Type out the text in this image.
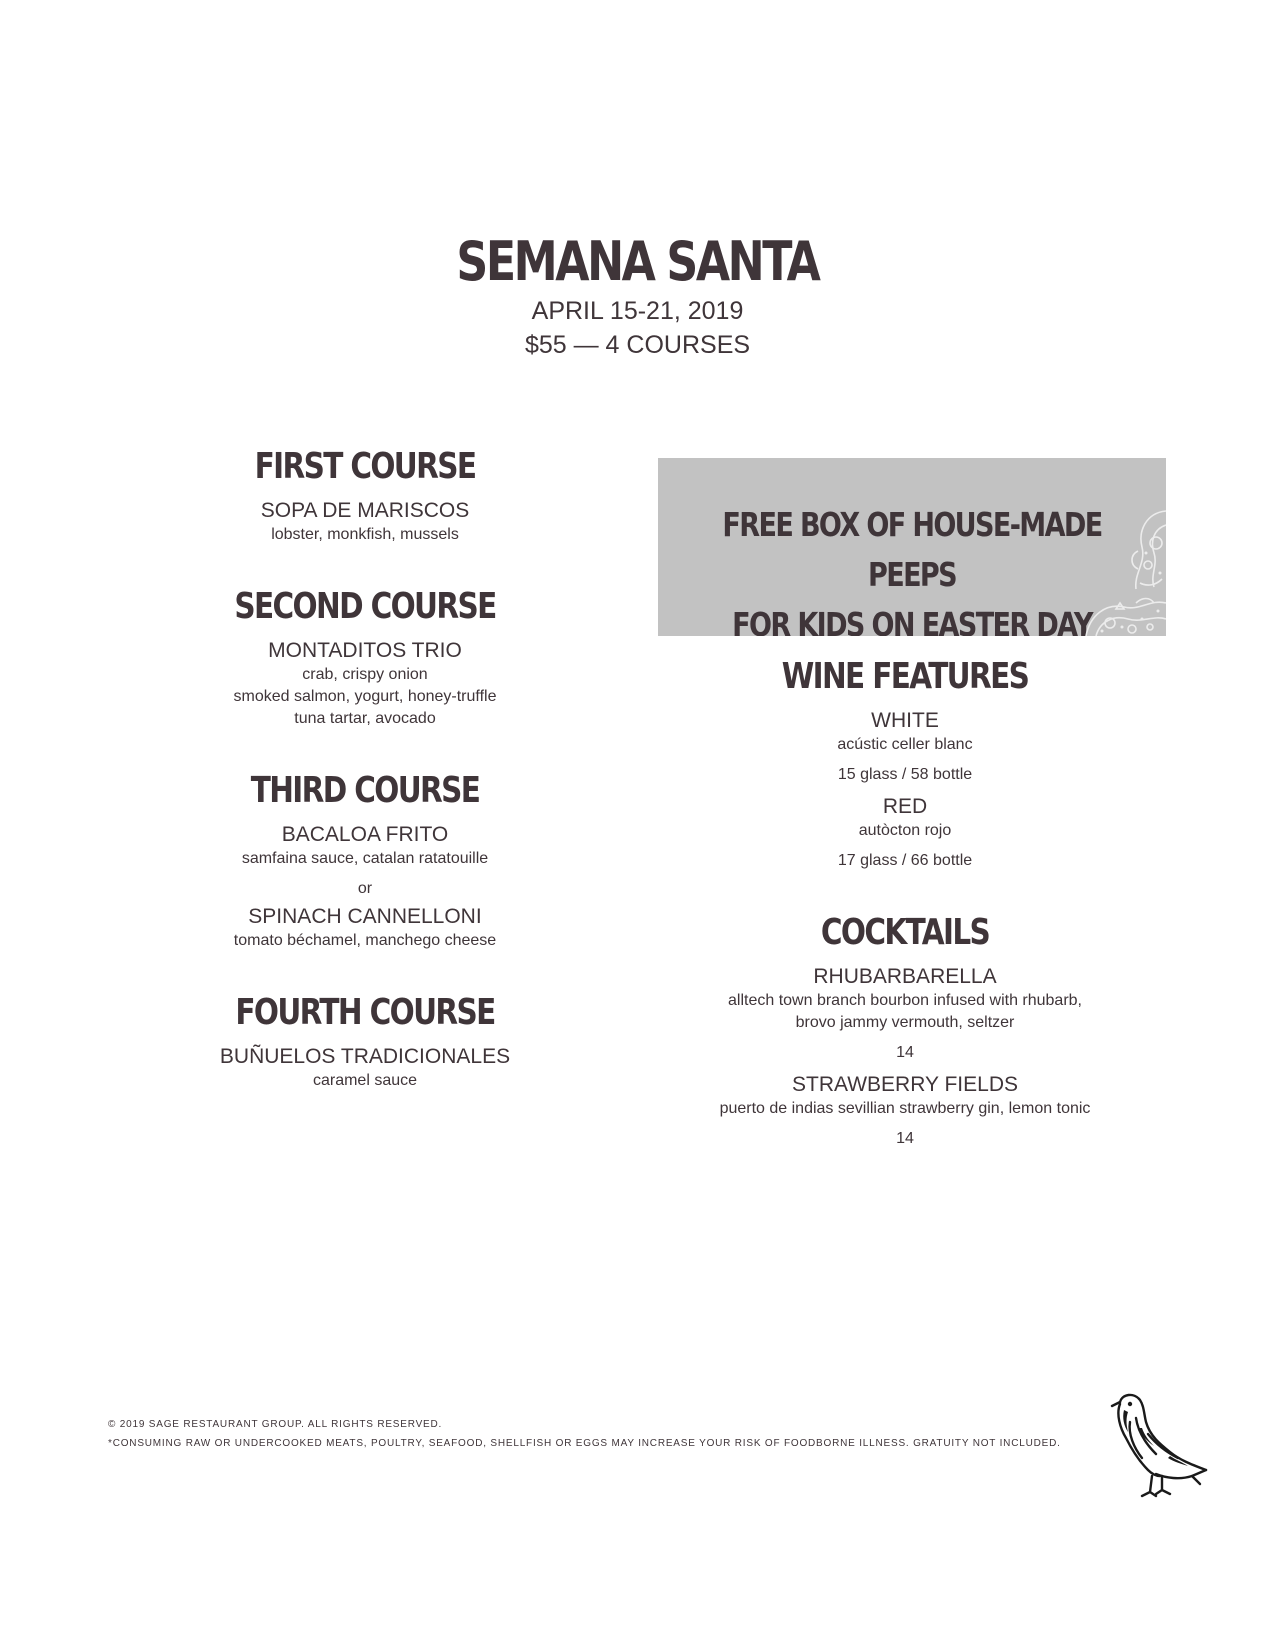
SEMANA SANTA
APRIL 15-21, 2019
$55 — 4 COURSES
FIRST COURSE
SOPA DE MARISCOS
lobster, monkfish, mussels
SECOND COURSE
MONTADITOS TRIO
crab, crispy onion
smoked salmon, yogurt, honey-truffle
tuna tartar, avocado
THIRD COURSE
BACALOA FRITO
samfaina sauce, catalan ratatouille
or
SPINACH CANNELLONI
tomato béchamel, manchego cheese
FOURTH COURSE
BUÑUELOS TRADICIONALES
caramel sauce
FREE BOX OF HOUSE-MADE PEEPS
FOR KIDS ON EASTER DAY
WINE FEATURES
WHITE
acústic celler blanc
15 glass / 58 bottle
RED
autòcton rojo
17 glass / 66 bottle
COCKTAILS
RHUBARBARELLA
alltech town branch bourbon infused with rhubarb,
brovo jammy vermouth, seltzer
14
STRAWBERRY FIELDS
puerto de indias sevillian strawberry gin, lemon tonic
14
© 2019 SAGE RESTAURANT GROUP. ALL RIGHTS RESERVED.
*CONSUMING RAW OR UNDERCOOKED MEATS, POULTRY, SEAFOOD, SHELLFISH OR EGGS MAY INCREASE YOUR RISK OF FOODBORNE ILLNESS. GRATUITY NOT INCLUDED.
